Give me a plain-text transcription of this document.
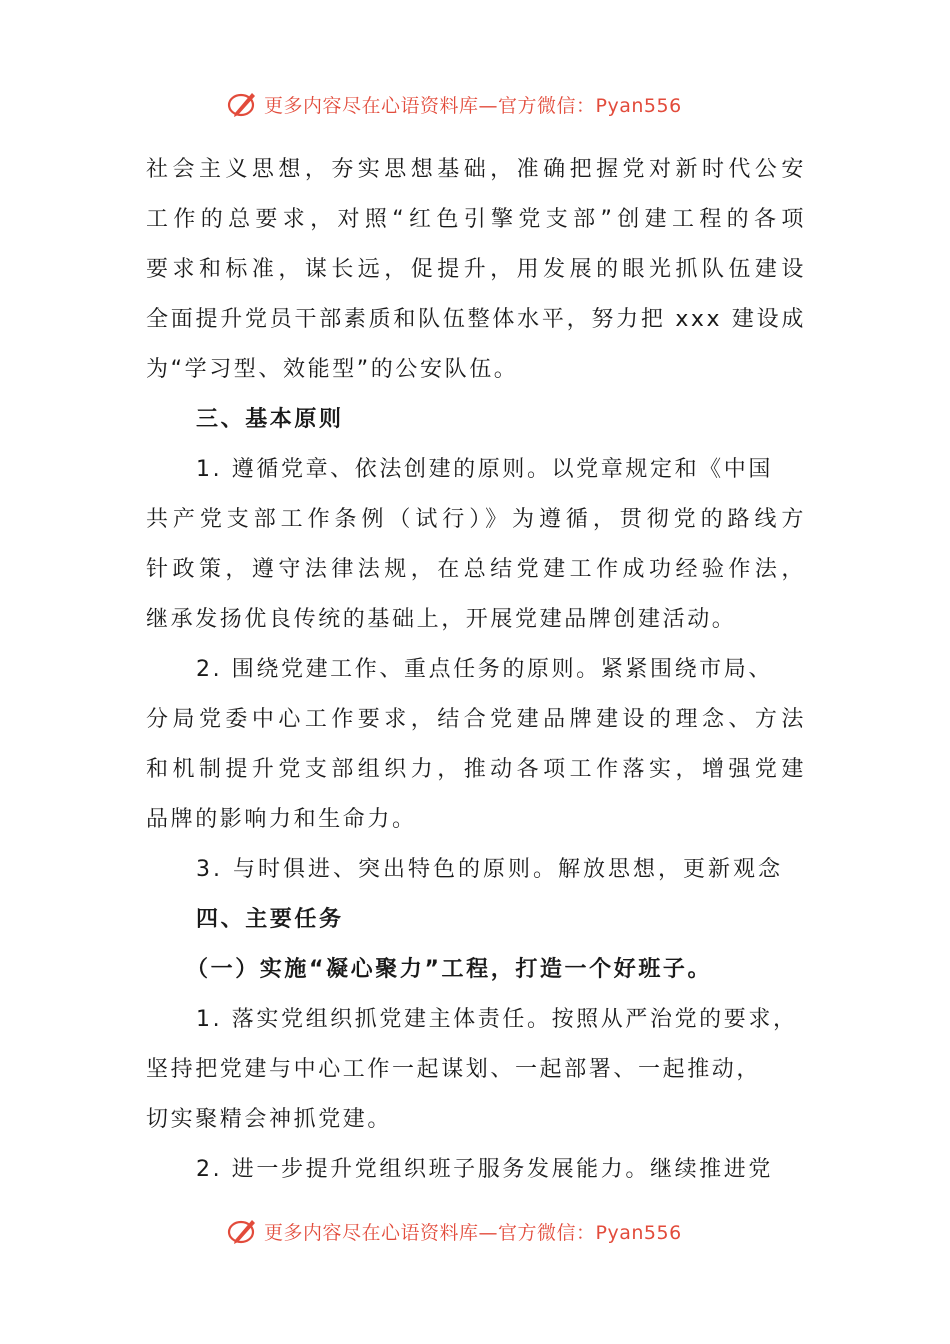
更多内容尽在心语资料库—官方微信：Pyan556
社会主义思想，夯实思想基础，准确把握党对新时代公安
工作的总要求，对照“红色引擎党支部”创建工程的各项
要求和标准，谋长远，促提升，用发展的眼光抓队伍建设
全面提升党员干部素质和队伍整体水平，努力把 xxx 建设成
为“学习型、效能型”的公安队伍。
三、基本原则
1. 遵循党章、依法创建的原则。以党章规定和《中国
共产党支部工作条例（试行）》为遵循，贯彻党的路线方
针政策，遵守法律法规，在总结党建工作成功经验作法，
继承发扬优良传统的基础上，开展党建品牌创建活动。
2. 围绕党建工作、重点任务的原则。紧紧围绕市局、
分局党委中心工作要求，结合党建品牌建设的理念、方法
和机制提升党支部组织力，推动各项工作落实，增强党建
品牌的影响力和生命力。
3. 与时俱进、突出特色的原则。解放思想，更新观念
四、主要任务
（一）实施“凝心聚力”工程，打造一个好班子。
1. 落实党组织抓党建主体责任。按照从严治党的要求，
坚持把党建与中心工作一起谋划、一起部署、一起推动，
切实聚精会神抓党建。
2. 进一步提升党组织班子服务发展能力。继续推进党
更多内容尽在心语资料库—官方微信：Pyan556
